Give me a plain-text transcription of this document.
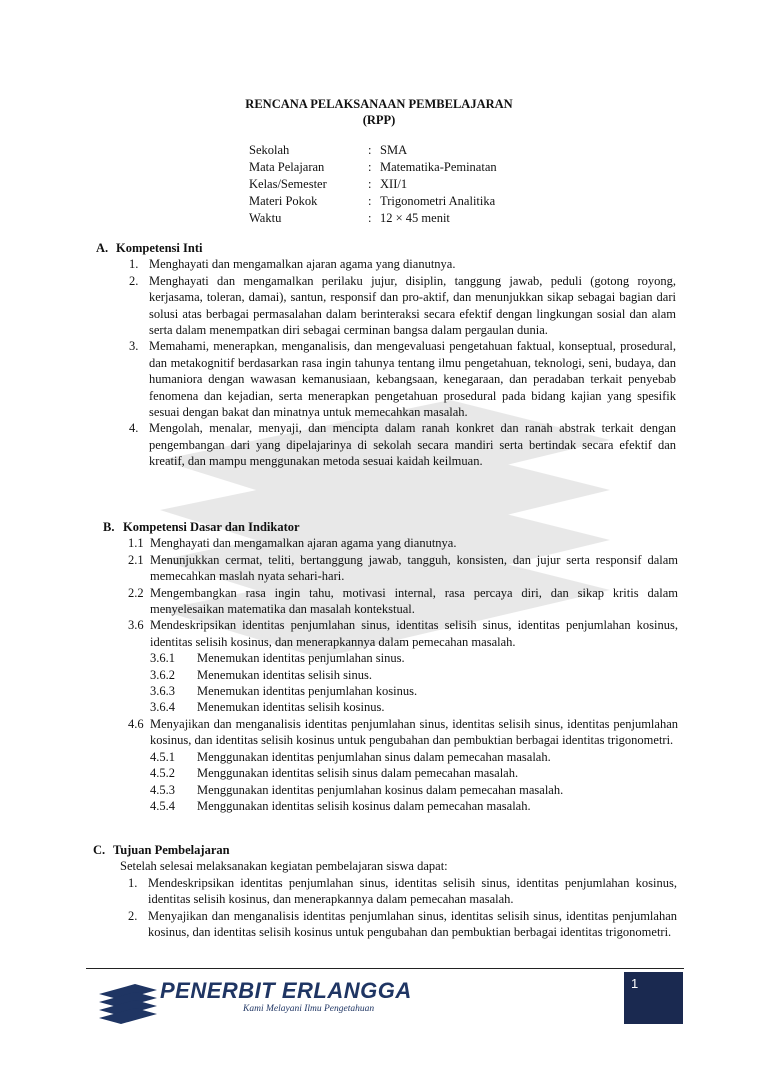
RENCANA PELAKSANAAN PEMBELAJARAN
(RPP)
Sekolah	: SMA
Mata Pelajaran	: Matematika-Peminatan
Kelas/Semester	: XII/1
Materi Pokok	: Trigonometri Analitika
Waktu	: 12 × 45 menit
A. Kompetensi Inti
1. Menghayati dan mengamalkan ajaran agama yang dianutnya.
2. Menghayati dan mengamalkan perilaku jujur, disiplin, tanggung jawab, peduli (gotong royong, kerjasama, toleran, damai), santun, responsif dan pro-aktif, dan menunjukkan sikap sebagai bagian dari solusi atas berbagai permasalahan dalam berinteraksi secara efektif dengan lingkungan sosial dan alam serta dalam menempatkan diri sebagai cerminan bangsa dalam pergaulan dunia.
3. Memahami, menerapkan, menganalisis, dan mengevaluasi pengetahuan faktual, konseptual, prosedural, dan metakognitif berdasarkan rasa ingin tahunya tentang ilmu pengetahuan, teknologi, seni, budaya, dan humaniora dengan wawasan kemanusiaan, kebangsaan, kenegaraan, dan peradaban terkait penyebab fenomena dan kejadian, serta menerapkan pengetahuan prosedural pada bidang kajian yang spesifik sesuai dengan bakat dan minatnya untuk memecahkan masalah.
4. Mengolah, menalar, menyaji, dan mencipta dalam ranah konkret dan ranah abstrak terkait dengan pengembangan dari yang dipelajarinya di sekolah secara mandiri serta bertindak secara efektif dan kreatif, dan mampu menggunakan metoda sesuai kaidah keilmuan.
B. Kompetensi Dasar dan Indikator
1.1 Menghayati dan mengamalkan ajaran agama yang dianutnya.
2.1 Menunjukkan cermat, teliti, bertanggung jawab, tangguh, konsisten, dan jujur serta responsif dalam memecahkan maslah nyata sehari-hari.
2.2 Mengembangkan rasa ingin tahu, motivasi internal, rasa percaya diri, dan sikap kritis dalam menyelesaikan matematika dan masalah kontekstual.
3.6 Mendeskripsikan identitas penjumlahan sinus, identitas selisih sinus, identitas penjumlahan kosinus, identitas selisih kosinus, dan menerapkannya dalam pemecahan masalah.
3.6.1	Menemukan identitas penjumlahan sinus.
3.6.2	Menemukan identitas selisih sinus.
3.6.3	Menemukan identitas penjumlahan kosinus.
3.6.4	Menemukan identitas selisih kosinus.
4.6 Menyajikan dan menganalisis identitas penjumlahan sinus, identitas selisih sinus, identitas penjumlahan kosinus, dan identitas selisih kosinus untuk pengubahan dan pembuktian berbagai identitas trigonometri.
4.5.1	Menggunakan identitas penjumlahan sinus dalam pemecahan masalah.
4.5.2	Menggunakan identitas selisih sinus dalam pemecahan masalah.
4.5.3	Menggunakan identitas penjumlahan kosinus dalam pemecahan masalah.
4.5.4	Menggunakan identitas selisih kosinus dalam pemecahan masalah.
C. Tujuan Pembelajaran
Setelah selesai melaksanakan kegiatan pembelajaran siswa dapat:
1. Mendeskripsikan identitas penjumlahan sinus, identitas selisih sinus, identitas penjumlahan kosinus, identitas selisih kosinus, dan menerapkannya dalam pemecahan masalah.
2. Menyajikan dan menganalisis identitas penjumlahan sinus, identitas selisih sinus, identitas penjumlahan kosinus, dan identitas selisih kosinus untuk pengubahan dan pembuktian berbagai identitas trigonometri.
1
PENERBIT ERLANGGA
Kami Melayani Ilmu Pengetahuan
